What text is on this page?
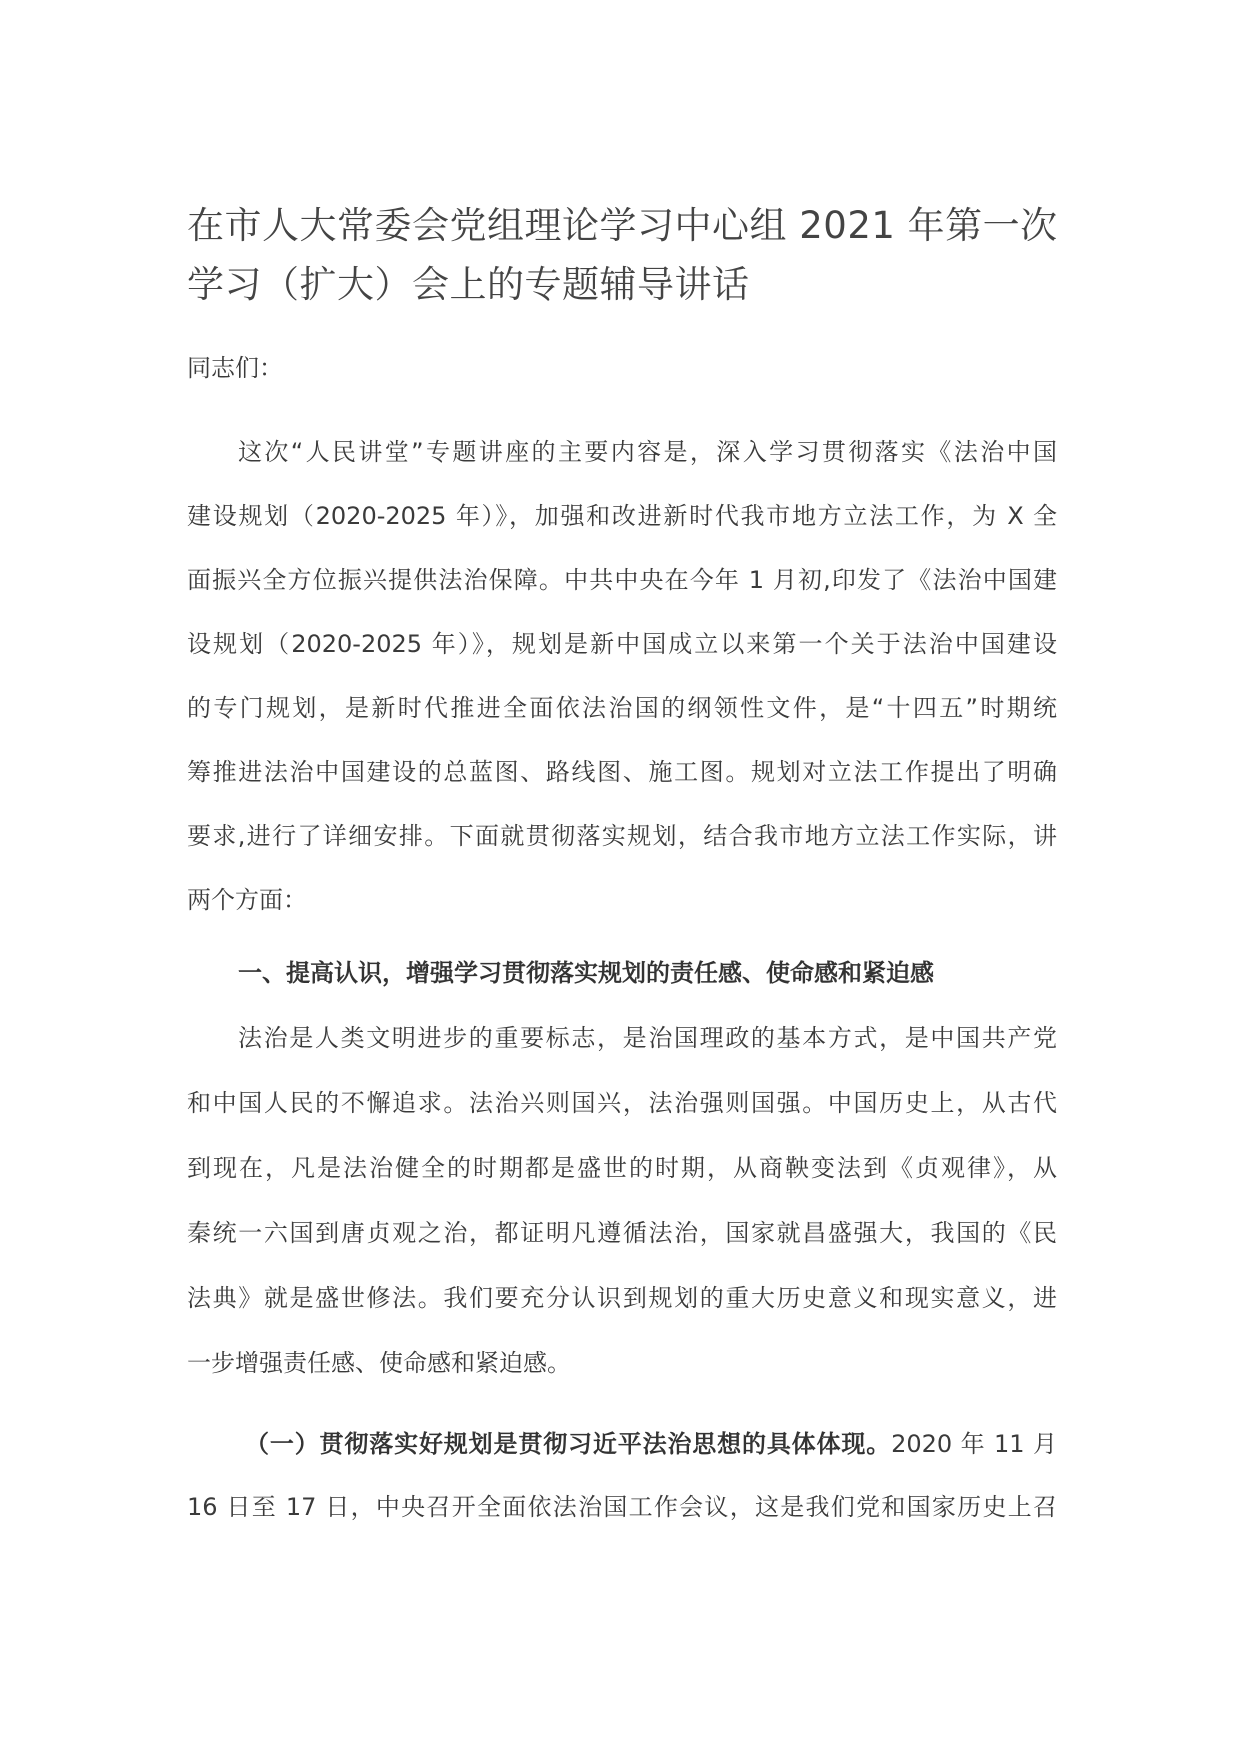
在市人大常委会党组理论学习中心组 2021 年第一次
学习（扩大）会上的专题辅导讲话
同志们：
这次“人民讲堂”专题讲座的主要内容是，深入学习贯彻落实《法治中国
建设规划（2020-2025 年）》，加强和改进新时代我市地方立法工作，为 X 全
面振兴全方位振兴提供法治保障。中共中央在今年 1 月初,印发了《法治中国建
设规划（2020-2025 年）》，规划是新中国成立以来第一个关于法治中国建设
的专门规划，是新时代推进全面依法治国的纲领性文件，是“十四五”时期统
筹推进法治中国建设的总蓝图、路线图、施工图。规划对立法工作提出了明确
要求,进行了详细安排。下面就贯彻落实规划，结合我市地方立法工作实际，讲
两个方面：
一、提高认识，增强学习贯彻落实规划的责任感、使命感和紧迫感
法治是人类文明进步的重要标志，是治国理政的基本方式，是中国共产党
和中国人民的不懈追求。法治兴则国兴，法治强则国强。中国历史上，从古代
到现在，凡是法治健全的时期都是盛世的时期，从商鞅变法到《贞观律》，从
秦统一六国到唐贞观之治，都证明凡遵循法治，国家就昌盛强大，我国的《民
法典》就是盛世修法。我们要充分认识到规划的重大历史意义和现实意义，进
一步增强责任感、使命感和紧迫感。
（一）贯彻落实好规划是贯彻习近平法治思想的具体体现。2020 年 11 月
16 日至 17 日，中央召开全面依法治国工作会议，这是我们党和国家历史上召
